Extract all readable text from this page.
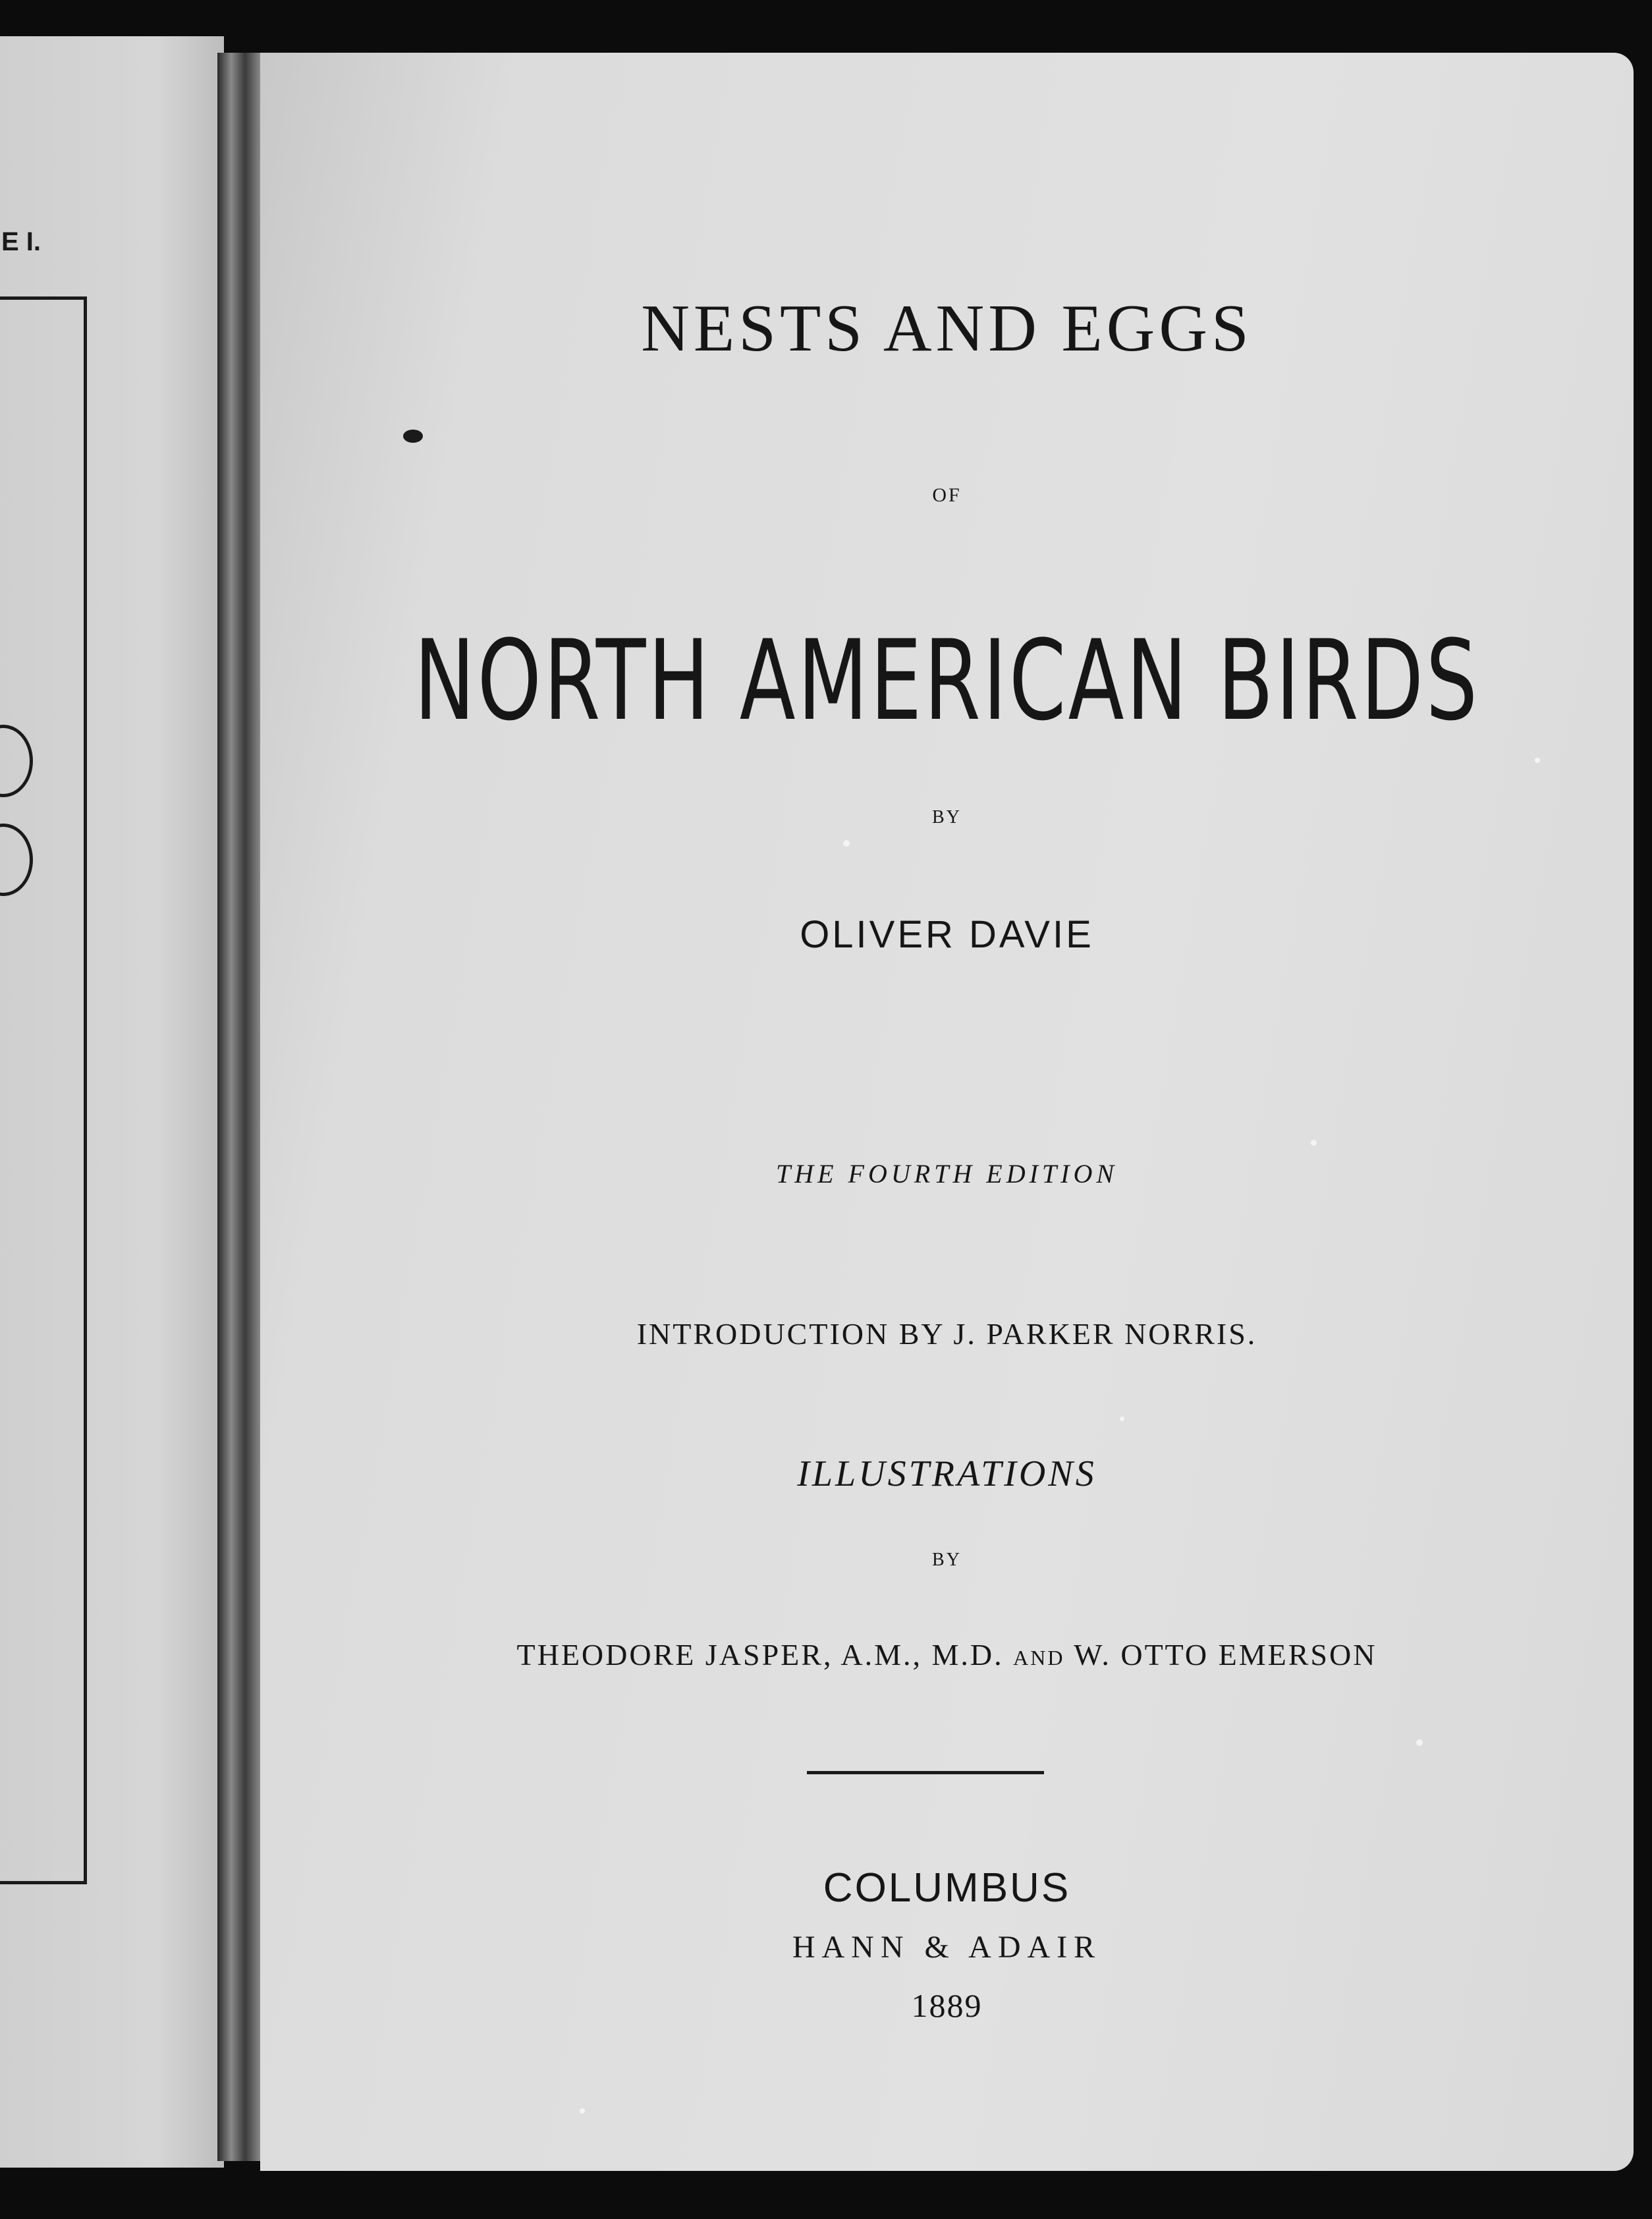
E I.
NESTS AND EGGS
OF
NORTH AMERICAN BIRDS
BY
OLIVER DAVIE
THE FOURTH EDITION
INTRODUCTION BY J. PARKER NORRIS.
ILLUSTRATIONS
BY
THEODORE JASPER, A.M., M.D. AND W. OTTO EMERSON
COLUMBUS
HANN & ADAIR
1889
